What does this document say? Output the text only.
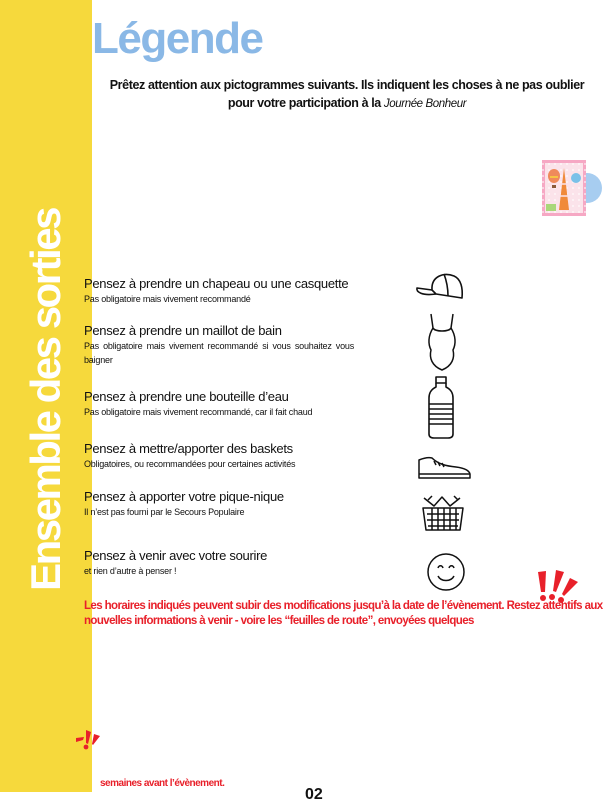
Ensemble des sorties
Légende
Prêtez attention aux pictogrammes suivants. Ils indiquent les choses à ne pas oublier
pour votre participation à la Journée Bonheur
Pensez à prendre un chapeau ou une casquette
Pas obligatoire mais vivement recommandé
Pensez à prendre un maillot de bain
Pas obligatoire mais vivement recommandé si vous souhaitez vous baigner
Pensez à prendre une bouteille d’eau
Pas obligatoire mais vivement recommandé, car il fait chaud
Pensez à mettre/apporter des baskets
Obligatoires, ou recommandées pour certaines activités
Pensez à apporter votre pique-nique
Il n’est pas fourni par le Secours Populaire
Pensez à venir avec votre sourire
et rien d’autre à penser !
Les horaires indiqués peuvent subir des modifications jusqu’à la date de l’évènement. Restez attentifs aux nouvelles informations à venir - voire les “feuilles de route”, envoyées quelques
semaines avant l’évènement.
02
